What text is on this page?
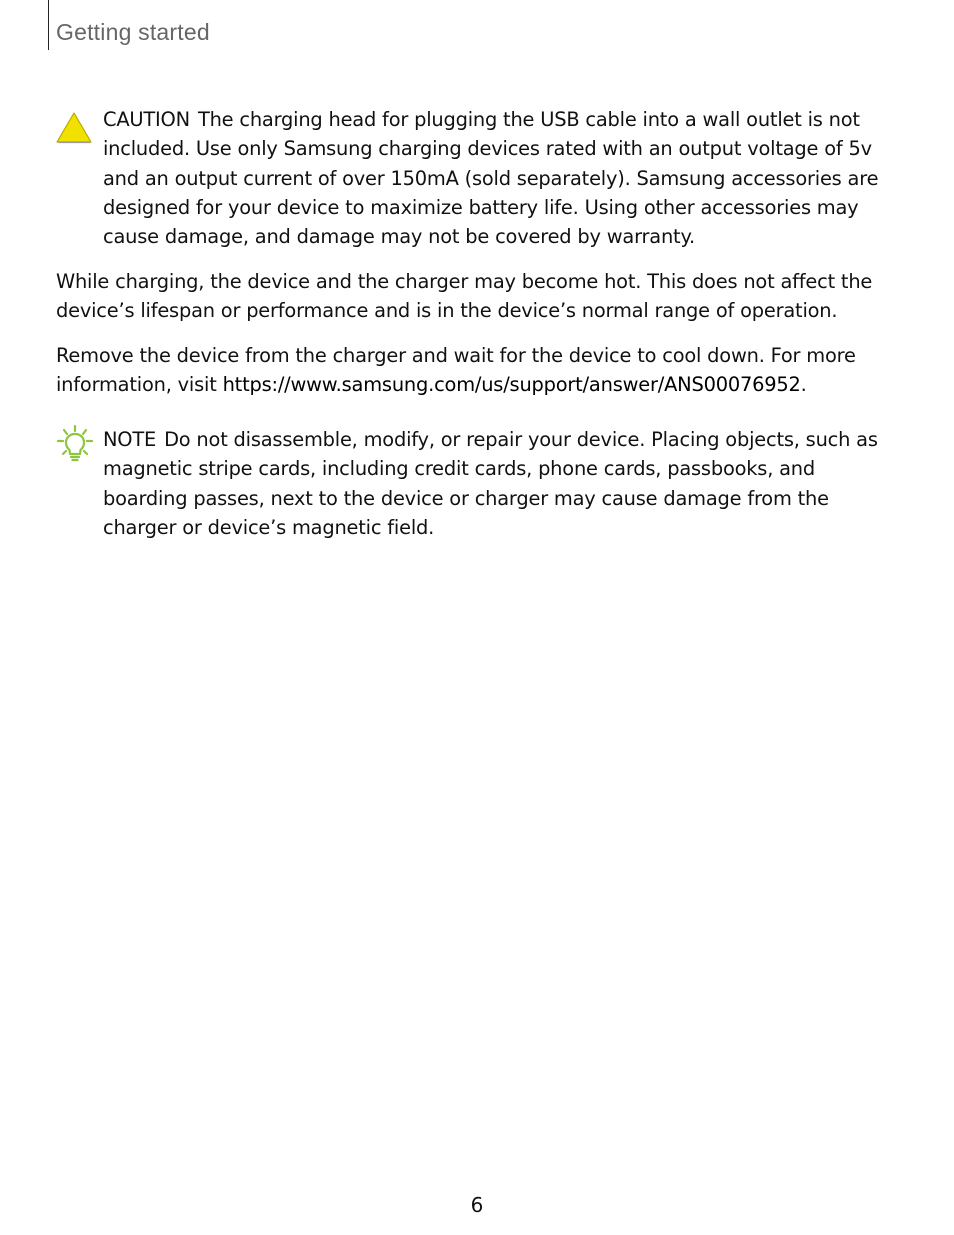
Getting started
CAUTION The charging head for plugging the USB cable into a wall outlet is not included. Use only Samsung charging devices rated with an output voltage of 5v and an output current of over 150mA (sold separately). Samsung accessories are designed for your device to maximize battery life. Using other accessories may cause damage, and damage may not be covered by warranty.
While charging, the device and the charger may become hot. This does not affect the device’s lifespan or performance and is in the device’s normal range of operation.
Remove the device from the charger and wait for the device to cool down. For more information, visit https://www.samsung.com/us/support/answer/ANS00076952.
NOTE Do not disassemble, modify, or repair your device. Placing objects, such as magnetic stripe cards, including credit cards, phone cards, passbooks, and boarding passes, next to the device or charger may cause damage from the charger or device’s magnetic field.
6
